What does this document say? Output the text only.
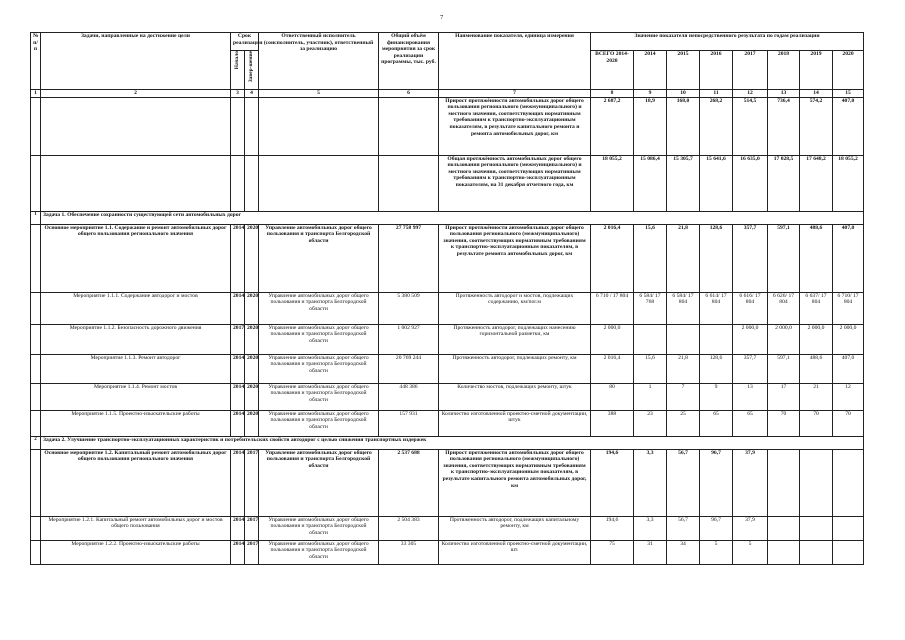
7
№ п/п	Задачи, направленные на достижение цели	Срок реализации		Ответственный исполнитель (соисполнитель, участник), ответственный за реализацию	Общий объём финансирования мероприятия за срок реализации программы, тыс. руб.	Наименование показателя, единица измерения	Значение показателя непосредственного результата по годам реализации							
		Начало	Завер-шение				ВСЕГО 2014-2020	2014	2015	2016	2017	2018	2019	2020
1	2	3	4	5	6	7	8	9	10	11	12	13	14	15
						Прирост протяжённости автомобильных дорог общего пользования регионального (межмуниципального) и местного значения, соответствующих нормативным требованиям к транспортно-эксплуатационным показателям, в результате капитального ремонта и ремонта автомобильных дорог, км	2 687,2	18,9	168,0	268,2	514,5	736,4	574,2	407,0
						Общая протяжённость автомобильных дорог общего пользования регионального (межмуниципального) и местного значения, соответствующих нормативным требованиям к транспортно-эксплуатационным показателям, на 31 декабря отчетного года, км	18 055,2	15 086,4	15 305,7	15 641,6	16 635,0	17 028,5	17 648,2	18 055,2
1	Задача 1. Обеспечение сохранности существующей сети автомобильных дорог													
	Основное мероприятие 1.1. Содержание и ремонт автомобильных дорог общего пользования регионального значения	2014	2020	Управление автомобильных дорог общего пользования и транспорта Белгородской области	27 758 997	Прирост протяжённости автомобильных дорог общего пользования регионального (межмуниципального) значения, соответствующих нормативным требованиям к транспортно-эксплуатационным показателям, в результате ремонта автомобильных дорог, км	2 016,4	15,6	21,8	128,6	357,7	597,1	488,6	407,0
	Мероприятие 1.1.1. Содержание автодорог и мостов	2014	2020	Управление автомобильных дорог общего пользования и транспорта Белгородской области	5 380 509	Протяженность автодорог и мостов, подлежащих содержанию, км/пог.м	6 710 / 17 804	6 584/ 17 768	6 584/ 17 804	6 614/ 17 804	6 616/ 17 804	6 626/ 17 804	6 637/ 17 804	6 710/ 17 804
	Мероприятие 1.1.2. Безопасность дорожного движения	2017	2020	Управление автомобильных дорог общего пользования и транспорта Белгородской области	1 002 927	Протяженность автодорог, подлежащих нанесению горизонтальной разметки, км	2 000,0				2 000,0	2 000,0	2 000,0	2 000,0
	Мероприятие 1.1.3. Ремонт автодорог	2014	2020	Управление автомобильных дорог общего пользования и транспорта Белгородской области	20 769 244	Протяженность автодорог, подлежащих ремонту, км	2 016,4	15,6	21,8	128,6	357,7	597,1	488,6	407,0
	Мероприятие 1.1.4. Ремонт мостов	2014	2020	Управление автомобильных дорог общего пользования и транспорта Белгородской области	448 386	Количество мостов, подлежащих ремонту, штук	80	1	7	9	13	17	21	12
	Мероприятие 1.1.5. Проектно-изыскательские работы	2014	2020	Управление автомобильных дорог общего пользования и транспорта Белгородской области	157 931	Количество изготовленной проектно-сметной документации, штук	388	23	25	65	65	70	70	70
2	Задача 2. Улучшение транспортно-эксплуатационных характеристик и потребительских свойств автодорог с целью снижения транспортных издержек													
	Основное мероприятие 1.2. Капитальный ремонт автомобильных дорог общего пользования регионального значения	2014	2017	Управление автомобильных дорог общего пользования и транспорта Белгородской области	2 537 688	Прирост протяженности автомобильных дорог общего пользования регионального (межмуниципального) значения, соответствующих нормативным требованиям к транспортно-эксплуатационным показателям, в результате капитального ремонта автомобильных дорог, км	194,6	3,3	56,7	96,7	37,9			
	Мероприятие 1.2.1. Капитальный ремонт автомобильных дорог и мостов общего пользования	2014	2017	Управление автомобильных дорог общего пользования и транспорта Белгородской области	2 504 383	Протяженность автодорог, подлежащих капитальному ремонту, км	194,6	3,3	56,7	96,7	37,9			
	Мероприятие 1.2.2. Проектно-изыскательские работы	2014	2017	Управление автомобильных дорог общего пользования и транспорта Белгородской области	33 305	Количество изготовленной проектно-сметной документации, шт.	75	31	34	5	5			
